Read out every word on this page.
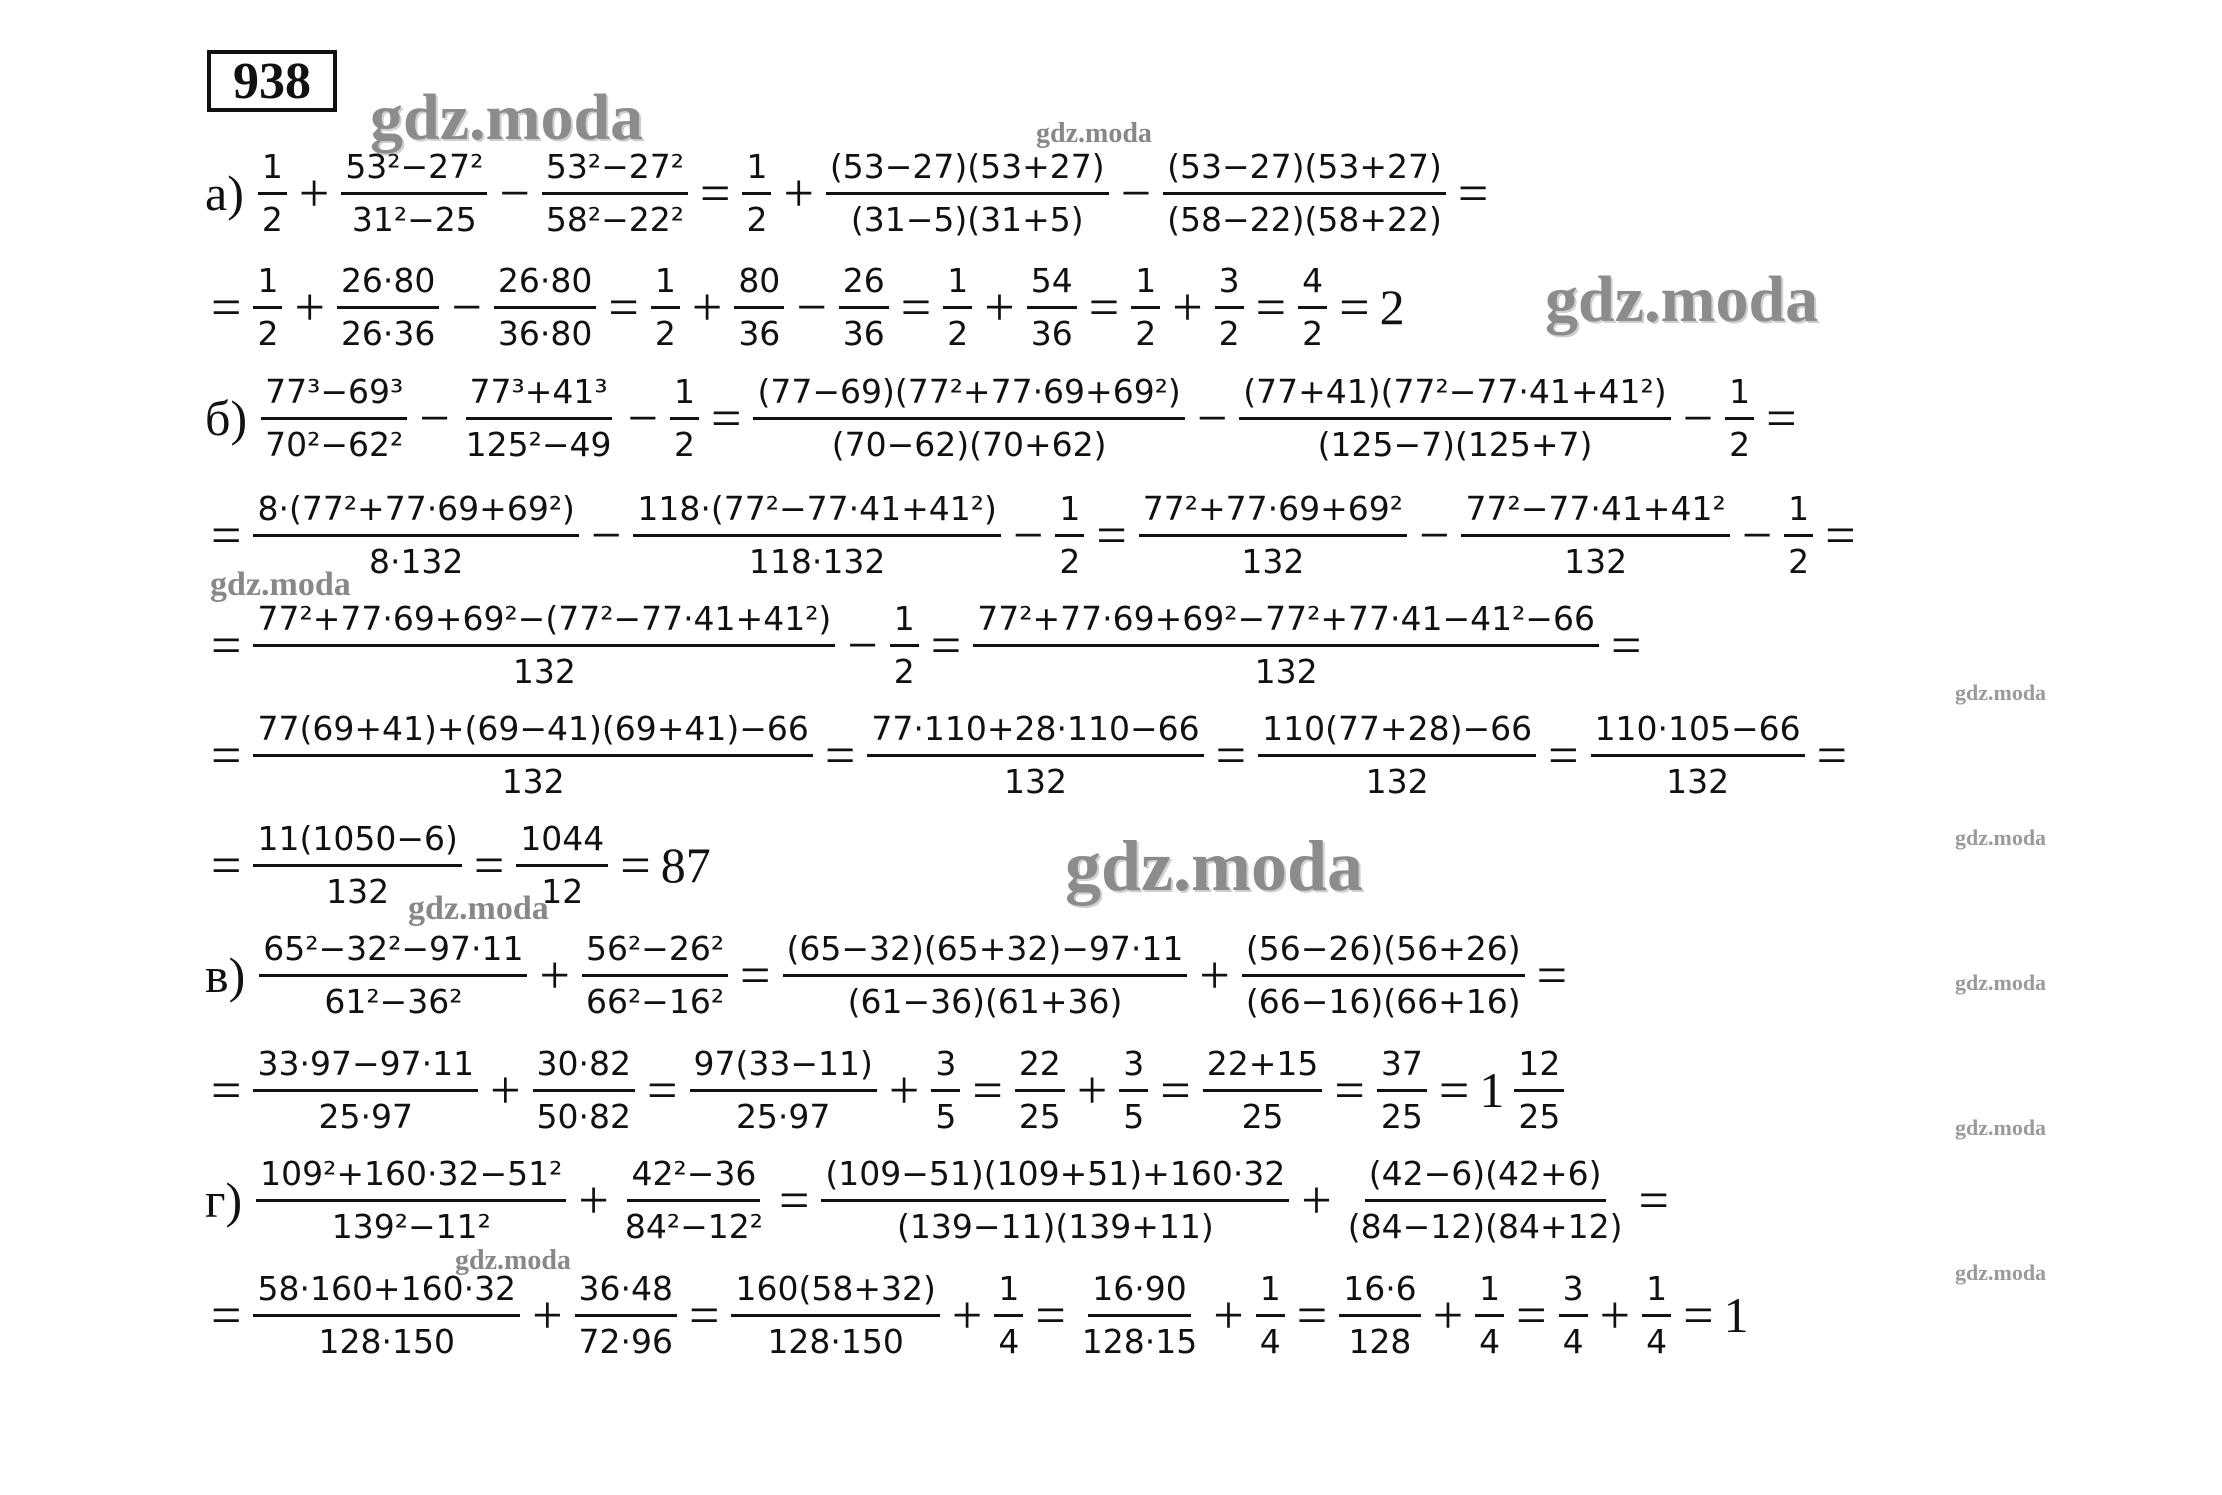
938 gdz.moda	gdz.moda
gdz.moda
gdz.moda
gdz.moda
gdz.moda
gdz.moda
gdz.moda
gdz.moda
gdz.moda
gdz.moda
gdz.moda
$а) \frac{1}{2} + \frac{\text{53²−27²}}{\text{31²−25}} - \frac{\text{53²−27²}}{\text{58²−22²}} = \frac{1}{2} + \frac{(53-27)(53+27)}{(31-5)(31+5)} - \frac{(53-27)(53+27)}{(58-22)(58+22)}$ =
= $\frac{1}{2} + \frac{26\cdot 80}{26\cdot 36} - \frac{26\cdot 80}{36\cdot 80} = \frac{1}{2} + \frac{80}{36} - \frac{26}{36} = \frac{1}{2} + \frac{54}{36} = \frac{1}{2} + \frac{3}{2} = \frac{4}{2} = 2$
$б) \frac{\text{77³−69³}}{\text{70²−62²}} - \frac{\text{77³+41³}}{\text{125²−49}} - \frac{1}{2} = \frac{\text{(77−69)(77²+77·69+69²)}}{(70-62)(70+62)} - \frac{\text{(77+41)(77²−77·41+41²)}}{(125-7)(125+7)} - \frac{1}{2}$ =
= $\frac{\text{8·(77²+77·69+69²)}}{8\cdot 132} - \frac{\text{118·(77²−77·41+41²)}}{118\cdot 132} - \frac{1}{2} = \frac{\text{77²+77·69+69²}}{132} - \frac{\text{77²−77·41+41²}}{132} - \frac{1}{2}$ =
= $\frac{\text{77²+77·69+69²−(77²−77·41+41²)}}{132} - \frac{1}{2} = \frac{\text{77²+77·69+69²−77²+77·41−41²−66}}{132}$ =
= $\frac{77(69+41)+(69-41)(69+41)-66}{132} = \frac{77\cdot 110+28\cdot 110-66}{132} = \frac{110(77+28)-66}{132} = \frac{110\cdot 105-66}{132}$ =
= $\frac{11(1050-6)}{132} = \frac{1044}{12} = 87$
$в) \frac{\text{65²−32²−97·11}}{\text{61²−36²}} + \frac{\text{56²−26²}}{\text{66²−16²}} = \frac{(65-32)(65+32)-97\cdot 11}{(61-36)(61+36)} + \frac{(56-26)(56+26)}{(66-16)(66+16)}$ =
= $\frac{33\cdot 97-97\cdot 11}{25\cdot 97} + \frac{30\cdot 82}{50\cdot 82} = \frac{97(33-11)}{25\cdot 97} + \frac{3}{5} = \frac{22}{25} + \frac{3}{5} = \frac{22+15}{25} = \frac{37}{25} = 1 \frac{12}{25}$
$г) \frac{\text{109²+160·32−51²}}{\text{139²−11²}} + \frac{\text{42²−36}}{\text{84²−12²}} = \frac{(109-51)(109+51)+160\cdot 32}{(139-11)(139+11)} + \frac{(42-6)(42+6)}{(84-12)(84+12)}$ =
= $\frac{58\cdot 160+160\cdot 32}{128\cdot 150} + \frac{36\cdot 48}{72\cdot 96} = \frac{160(58+32)}{128\cdot 150} + \frac{1}{4} = \frac{16\cdot 90}{128\cdot 15} + \frac{1}{4} = \frac{16\cdot 6}{128} + \frac{1}{4} = \frac{3}{4} + \frac{1}{4} = 1$
